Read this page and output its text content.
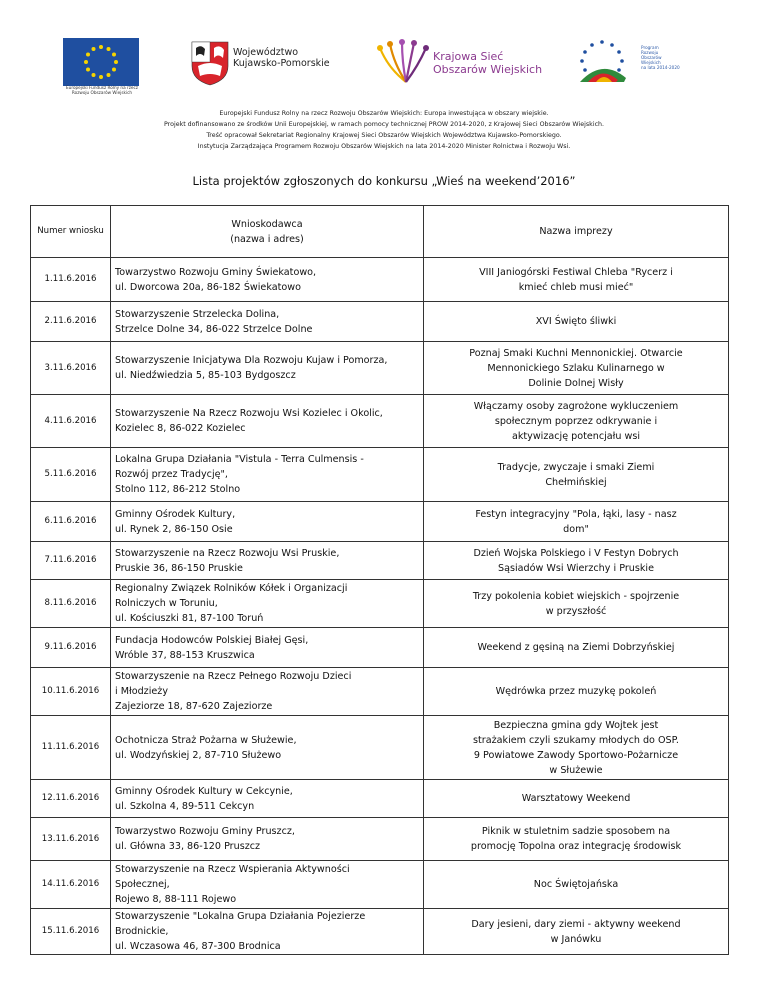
Europejski Fundusz Rolny na rzecz
Rozwoju Obszarów Wiejskich
Województwo
Kujawsko-Pomorskie
Krajowa Sieć
Obszarów Wiejskich
Program
Rozwoju
Obszarów
Wiejskich
na lata 2014-2020
Europejski Fundusz Rolny na rzecz Rozwoju Obszarów Wiejskich: Europa inwestująca w obszary wiejskie.
Projekt dofinansowano ze środków Unii Europejskiej, w ramach pomocy technicznej PROW 2014-2020, z Krajowej Sieci Obszarów Wiejskich.
Treść opracował Sekretariat Regionalny Krajowej Sieci Obszarów Wiejskich Województwa Kujawsko-Pomorskiego.
Instytucja Zarządzająca Programem Rozwoju Obszarów Wiejskich na lata 2014-2020 Minister Rolnictwa i Rozwoju Wsi.
Lista projektów zgłoszonych do konkursu „Wieś na weekend’2016”
Numer wniosku	Wnioskodawca
(nazwa i adres)	Nazwa imprezy
1.11.6.2016	Towarzystwo Rozwoju Gminy Świekatowo,
ul. Dworcowa 20a, 86-182 Świekatowo	VIII Janiogórski Festiwal Chleba "Rycerz i
kmieć chleb musi mieć"
2.11.6.2016	Stowarzyszenie Strzelecka Dolina,
Strzelce Dolne 34, 86-022 Strzelce Dolne	XVI Święto śliwki
3.11.6.2016	Stowarzyszenie Inicjatywa Dla Rozwoju Kujaw i Pomorza,
ul. Niedźwiedzia 5, 85-103 Bydgoszcz	Poznaj Smaki Kuchni Mennonickiej. Otwarcie
Mennonickiego Szlaku Kulinarnego w
Dolinie Dolnej Wisły
4.11.6.2016	Stowarzyszenie Na Rzecz Rozwoju Wsi Kozielec i Okolic,
Kozielec 8, 86-022 Kozielec	Włączamy osoby zagrożone wykluczeniem
społecznym poprzez odkrywanie i
aktywizację potencjału wsi
5.11.6.2016	Lokalna Grupa Działania "Vistula - Terra Culmensis -
Rozwój przez Tradycję",
Stolno 112, 86-212 Stolno	Tradycje, zwyczaje i smaki Ziemi
Chełmińskiej
6.11.6.2016	Gminny Ośrodek Kultury,
ul. Rynek 2, 86-150 Osie	Festyn integracyjny "Pola, łąki, lasy - nasz
dom"
7.11.6.2016	Stowarzyszenie na Rzecz Rozwoju Wsi Pruskie,
Pruskie 36, 86-150 Pruskie	Dzień Wojska Polskiego i V Festyn Dobrych
Sąsiadów Wsi Wierzchy i Pruskie
8.11.6.2016	Regionalny Związek Rolników Kółek i Organizacji
Rolniczych w Toruniu,
ul. Kościuszki 81, 87-100 Toruń	Trzy pokolenia kobiet wiejskich - spojrzenie
w przyszłość
9.11.6.2016	Fundacja Hodowców Polskiej Białej Gęsi,
Wróble 37, 88-153 Kruszwica	Weekend z gęsiną na Ziemi Dobrzyńskiej
10.11.6.2016	Stowarzyszenie na Rzecz Pełnego Rozwoju Dzieci
i Młodzieży
Zajeziorze 18, 87-620 Zajeziorze	Wędrówka przez muzykę pokoleń
11.11.6.2016	Ochotnicza Straż Pożarna w Służewie,
ul. Wodzyńskiej 2, 87-710 Służewo	Bezpieczna gmina gdy Wojtek jest
strażakiem czyli szukamy młodych do OSP.
9 Powiatowe Zawody Sportowo-Pożarnicze
w Służewie
12.11.6.2016	Gminny Ośrodek Kultury w Cekcynie,
ul. Szkolna 4, 89-511 Cekcyn	Warsztatowy Weekend
13.11.6.2016	Towarzystwo Rozwoju Gminy Pruszcz,
ul. Główna 33, 86-120 Pruszcz	Piknik w stuletnim sadzie sposobem na
promocję Topolna oraz integrację środowisk
14.11.6.2016	Stowarzyszenie na Rzecz Wspierania Aktywności
Społecznej,
Rojewo 8, 88-111 Rojewo	Noc Świętojańska
15.11.6.2016	Stowarzyszenie "Lokalna Grupa Działania Pojezierze
Brodnickie,
ul. Wczasowa 46, 87-300 Brodnica	Dary jesieni, dary ziemi - aktywny weekend
w Janówku
